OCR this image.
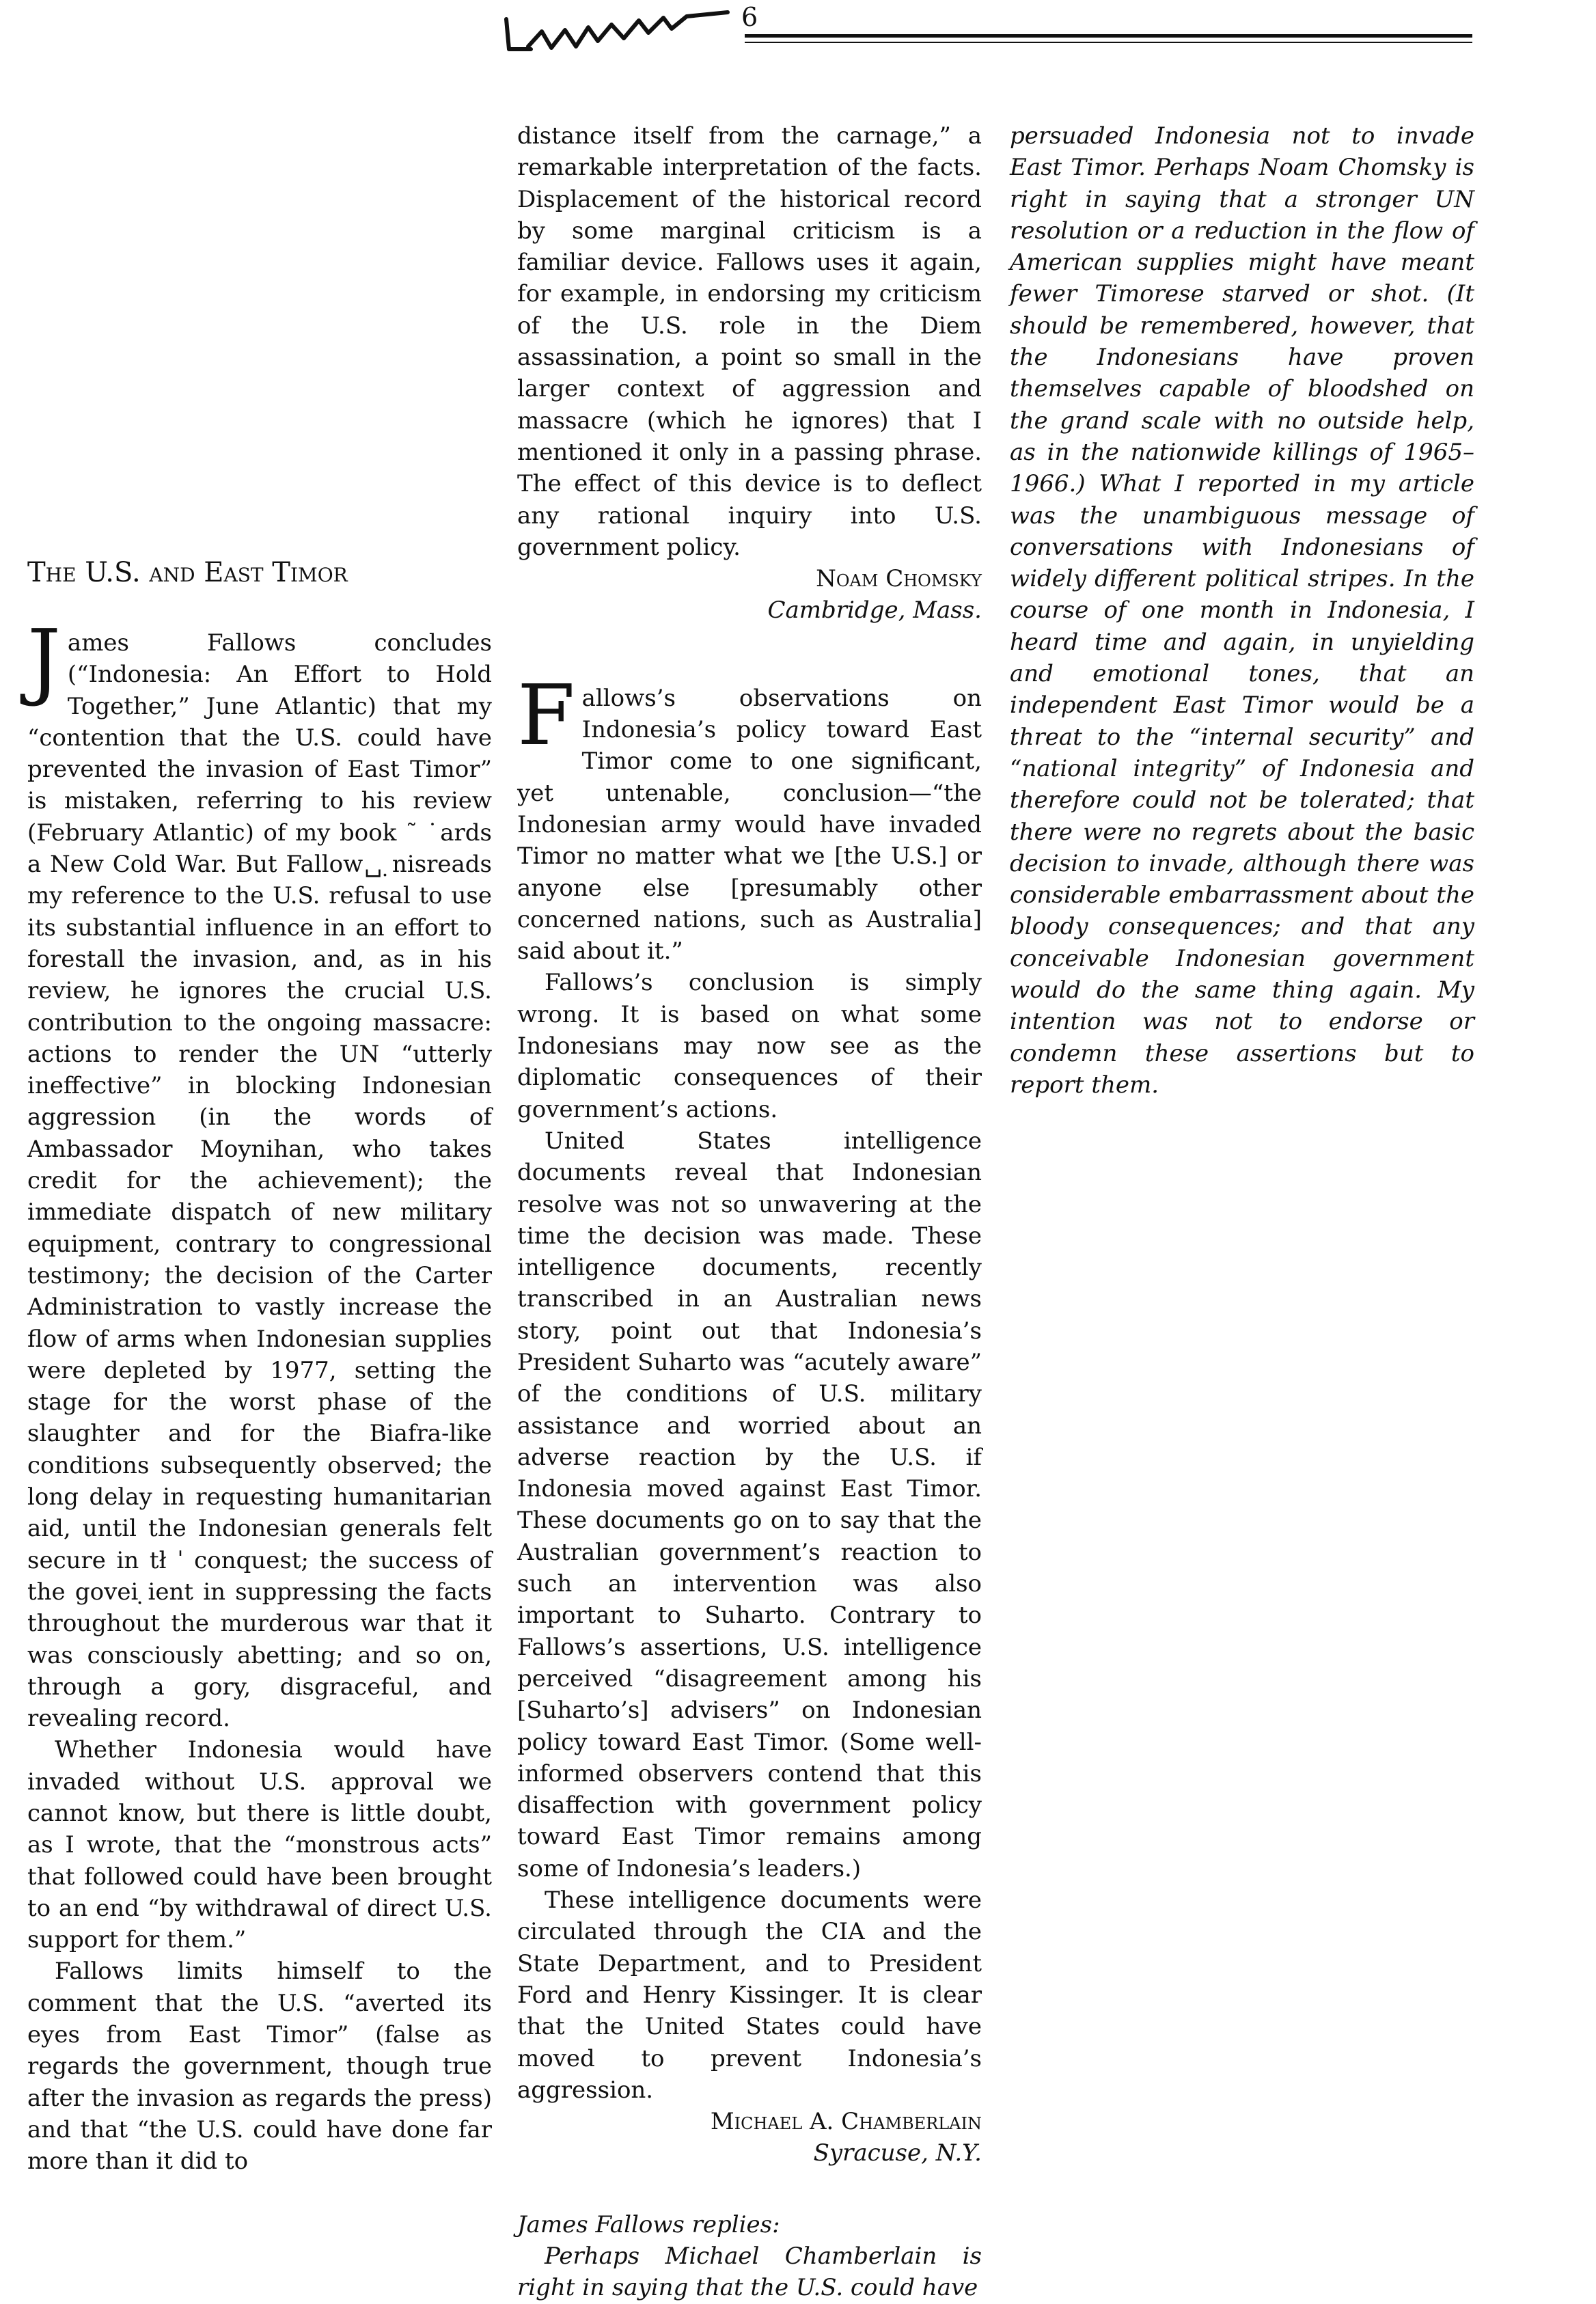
6
The U.S. and East Timor

James Fallows concludes (“Indonesia: An Effort to Hold Together,” June Atlantic) that my “contention that the U.S. could have prevented the invasion of East Timor” is mistaken, referring to his review (February Atlantic) of my book ˜ ˙ards a New Cold War. But Fallow␣ ̣nisreads my reference to the U.S. refusal to use its substantial influence in an effort to forestall the invasion, and, as in his review, he ignores the crucial U.S. contribution to the ongoing massacre: actions to render the UN “utterly ineffective” in blocking Indonesian aggression (in the words of Ambassador Moynihan, who takes credit for the achievement); the immediate dispatch of new military equipment, contrary to congressional testimony; the decision of the Carter Administration to vastly increase the flow of arms when Indonesian supplies were depleted by 1977, setting the stage for the worst phase of the slaughter and for the Biafra-like conditions subsequently observed; the long delay in requesting humanitarian aid, until the Indonesian generals felt secure in tł ˈ conquest; the success of the govei ̣̣ient in suppressing the facts throughout the murderous war that it was consciously abetting; and so on, through a gory, disgraceful, and revealing record.

Whether Indonesia would have invaded without U.S. approval we cannot know, but there is little doubt, as I wrote, that the “monstrous acts” that followed could have been brought to an end “by withdrawal of direct U.S. support for them.”

Fallows limits himself to the comment that the U.S. “averted its eyes from East Timor” (false as regards the government, though true after the invasion as regards the press) and that “the U.S. could have done far more than it did to

distance itself from the carnage,” a remarkable interpretation of the facts. Displacement of the historical record by some marginal criticism is a familiar device. Fallows uses it again, for example, in endorsing my criticism of the U.S. role in the Diem assassination, a point so small in the larger context of aggression and massacre (which he ignores) that I mentioned it only in a passing phrase. The effect of this device is to deflect any rational inquiry into U.S. government policy.

Noam Chomsky
Cambridge, Mass.

Fallows’s observations on Indonesia’s policy toward East Timor come to one significant, yet untenable, conclusion—“the Indonesian army would have invaded Timor no matter what we [the U.S.] or anyone else [presumably other concerned nations, such as Australia] said about it.”

Fallows’s conclusion is simply wrong. It is based on what some Indonesians may now see as the diplomatic consequences of their government’s actions.

United States intelligence documents reveal that Indonesian resolve was not so unwavering at the time the decision was made. These intelligence documents, recently transcribed in an Australian news story, point out that Indonesia’s President Suharto was “acutely aware” of the conditions of U.S. military assistance and worried about an adverse reaction by the U.S. if Indonesia moved against East Timor. These documents go on to say that the Australian government’s reaction to such an intervention was also important to Suharto. Contrary to Fallows’s assertions, U.S. intelligence perceived “disagreement among his [Suharto’s] advisers” on Indonesian policy toward East Timor. (Some well-informed observers contend that this disaffection with government policy toward East Timor remains among some of Indonesia’s leaders.)

These intelligence documents were circulated through the CIA and the State Department, and to President Ford and Henry Kissinger. It is clear that the United States could have moved to prevent Indonesia’s aggression.

Michael A. Chamberlain
Syracuse, N.Y.
James Fallows replies:

Perhaps Michael Chamberlain is right in saying that the U.S. could have

persuaded Indonesia not to invade East Timor. Perhaps Noam Chomsky is right in saying that a stronger UN resolution or a reduction in the flow of American supplies might have meant fewer Timorese starved or shot. (It should be remembered, however, that the Indonesians have proven themselves capable of bloodshed on the grand scale with no outside help, as in the nationwide killings of 1965–1966.) What I reported in my article was the unambiguous message of conversations with Indonesians of widely different political stripes. In the course of one month in Indonesia, I heard time and again, in unyielding and emotional tones, that an independent East Timor would be a threat to the “internal security” and “national integrity” of Indonesia and therefore could not be tolerated; that there were no regrets about the basic decision to invade, although there was considerable embarrassment about the bloody consequences; and that any conceivable Indonesian government would do the same thing again. My intention was not to endorse or condemn these assertions but to report them.
